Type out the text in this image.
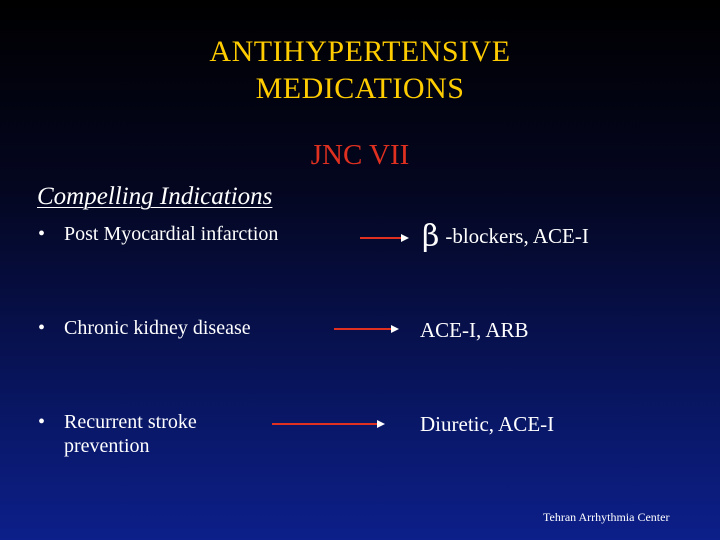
ANTIHYPERTENSIVE
MEDICATIONS
JNC VII
Compelling Indications
• Post Myocardial infarction	β -blockers, ACE-I
• Chronic kidney disease	ACE-I, ARB
• Recurrent stroke
prevention
Diuretic, ACE-I
Tehran Arrhythmia Center
